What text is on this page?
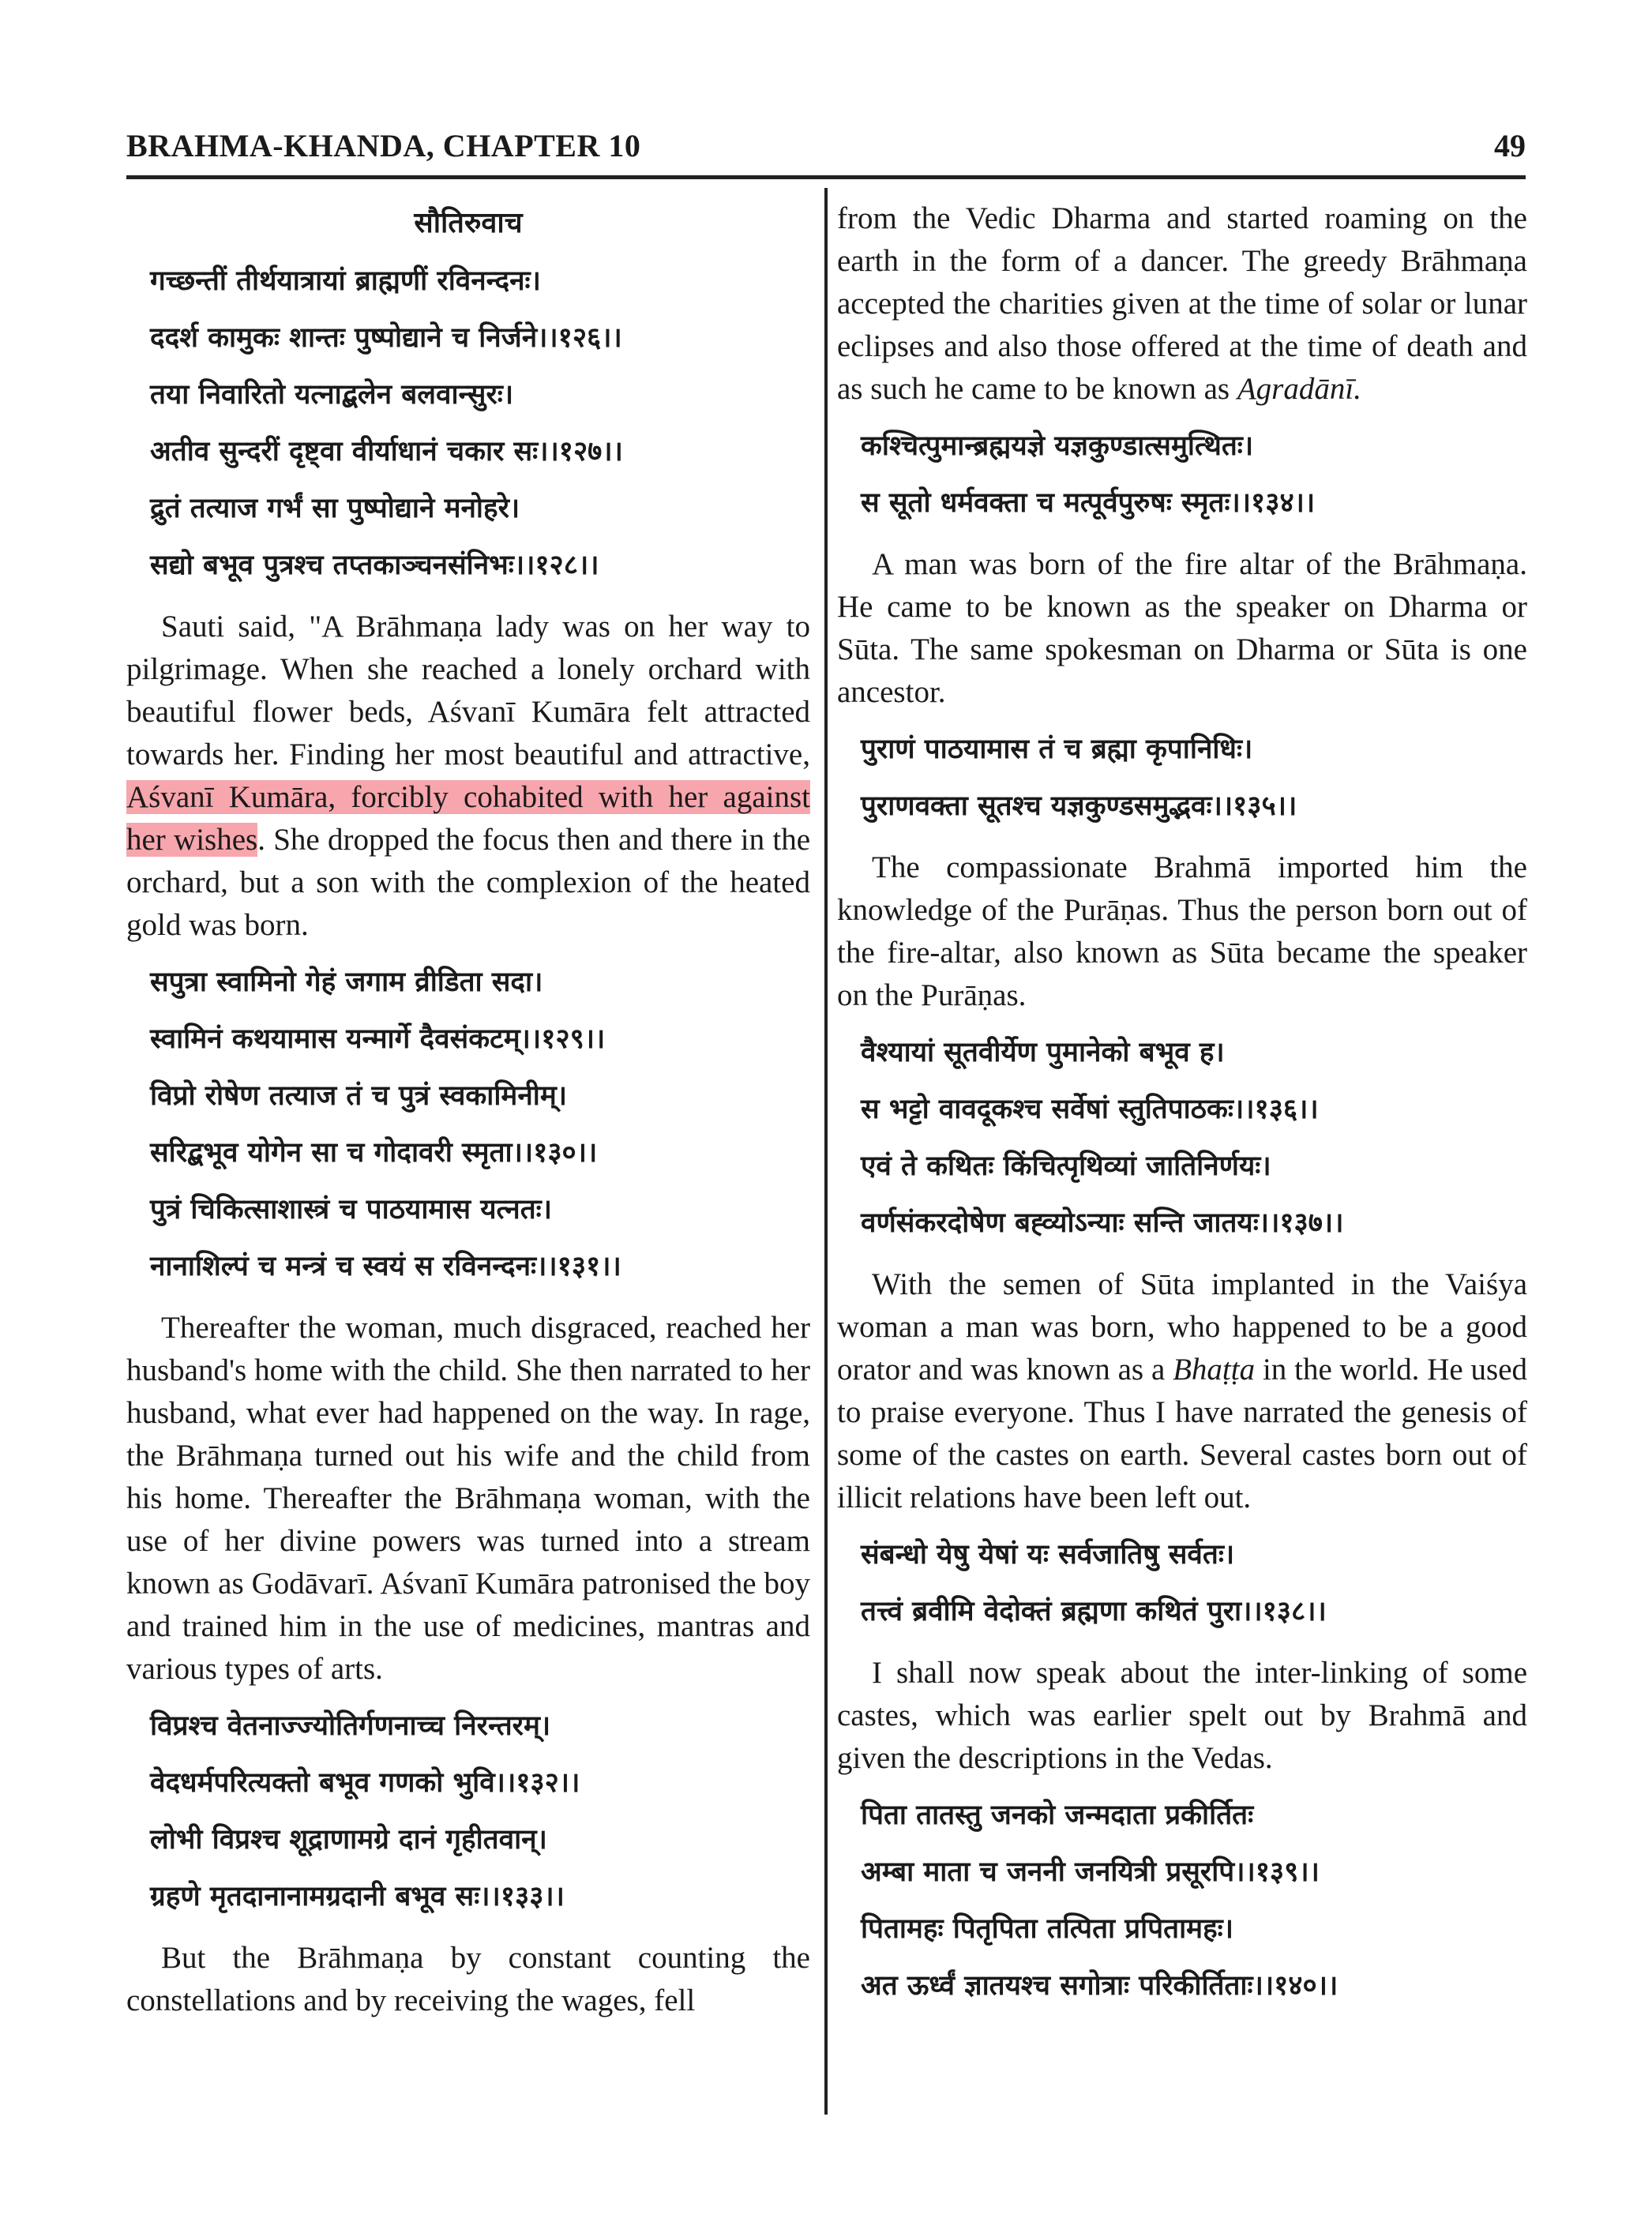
BRAHMA-KHANDA, CHAPTER 10	49
सौतिरुवाच
गच्छन्तीं तीर्थयात्रायां ब्राह्मणीं रविनन्दनः।
ददर्श कामुकः शान्तः पुष्पोद्याने च निर्जने।।१२६।।
तया निवारितो यत्नाद्बलेन बलवान्सुरः।
अतीव सुन्दरीं दृष्ट्वा वीर्याधानं चकार सः।।१२७।।
द्रुतं तत्याज गर्भं सा पुष्पोद्याने मनोहरे।
सद्यो बभूव पुत्रश्च तप्तकाञ्चनसंनिभः।।१२८।।

Sauti said, "A Brāhmaṇa lady was on her way to pilgrimage. When she reached a lonely orchard with beautiful flower beds, Aśvanī Kumāra felt attracted towards her. Finding her most beautiful and attractive, Aśvanī Kumāra, forcibly cohabited with her against her wishes. She dropped the focus then and there in the orchard, but a son with the complexion of the heated gold was born.

सपुत्रा स्वामिनो गेहं जगाम व्रीडिता सदा।
स्वामिनं कथयामास यन्मार्गे दैवसंकटम्।।१२९।।
विप्रो रोषेण तत्याज तं च पुत्रं स्वकामिनीम्।
सरिद्बभूव योगेन सा च गोदावरी स्मृता।।१३०।।
पुत्रं चिकित्साशास्त्रं च पाठयामास यत्नतः।
नानाशिल्पं च मन्त्रं च स्वयं स रविनन्दनः।।१३१।।

Thereafter the woman, much disgraced, reached her husband's home with the child. She then narrated to her husband, what ever had happened on the way. In rage, the Brāhmaṇa turned out his wife and the child from his home. Thereafter the Brāhmaṇa woman, with the use of her divine powers was turned into a stream known as Godāvarī. Aśvanī Kumāra patronised the boy and trained him in the use of medicines, mantras and various types of arts.

विप्रश्च वेतनाज्ज्योतिर्गणनाच्च निरन्तरम्।
वेदधर्मपरित्यक्तो बभूव गणको भुवि।।१३२।।
लोभी विप्रश्च शूद्राणामग्रे दानं गृहीतवान्।
ग्रहणे मृतदानानामग्रदानी बभूव सः।।१३३।।

But the Brāhmaṇa by constant counting the constellations and by receiving the wages, fell

from the Vedic Dharma and started roaming on the earth in the form of a dancer. The greedy Brāhmaṇa accepted the charities given at the time of solar or lunar eclipses and also those offered at the time of death and as such he came to be known as Agradānī.

कश्चित्पुमान्ब्रह्मयज्ञे यज्ञकुण्डात्समुत्थितः।
स सूतो धर्मवक्ता च मत्पूर्वपुरुषः स्मृतः।।१३४।।

A man was born of the fire altar of the Brāhmaṇa. He came to be known as the speaker on Dharma or Sūta. The same spokesman on Dharma or Sūta is one ancestor.

पुराणं पाठयामास तं च ब्रह्मा कृपानिधिः।
पुराणवक्ता सूतश्च यज्ञकुण्डसमुद्भवः।।१३५।।

The compassionate Brahmā imported him the knowledge of the Purāṇas. Thus the person born out of the fire-altar, also known as Sūta became the speaker on the Purāṇas.

वैश्यायां सूतवीर्येण पुमानेको बभूव ह।
स भट्टो वावदूकश्च सर्वेषां स्तुतिपाठकः।।१३६।।
एवं ते कथितः किंचित्पृथिव्यां जातिनिर्णयः।
वर्णसंकरदोषेण बह्व्योऽन्याः सन्ति जातयः।।१३७।।

With the semen of Sūta implanted in the Vaiśya woman a man was born, who happened to be a good orator and was known as a Bhaṭṭa in the world. He used to praise everyone. Thus I have narrated the genesis of some of the castes on earth. Several castes born out of illicit relations have been left out.

संबन्धो येषु येषां यः सर्वजातिषु सर्वतः।
तत्त्वं ब्रवीमि वेदोक्तं ब्रह्मणा कथितं पुरा।।१३८।।

I shall now speak about the inter-linking of some castes, which was earlier spelt out by Brahmā and given the descriptions in the Vedas.

पिता तातस्तु जनको जन्मदाता प्रकीर्तितः
अम्बा माता च जननी जनयित्री प्रसूरपि।।१३९।।
पितामहः पितृपिता तत्पिता प्रपितामहः।
अत ऊर्ध्वं ज्ञातयश्च सगोत्राः परिकीर्तिताः।।१४०।।
